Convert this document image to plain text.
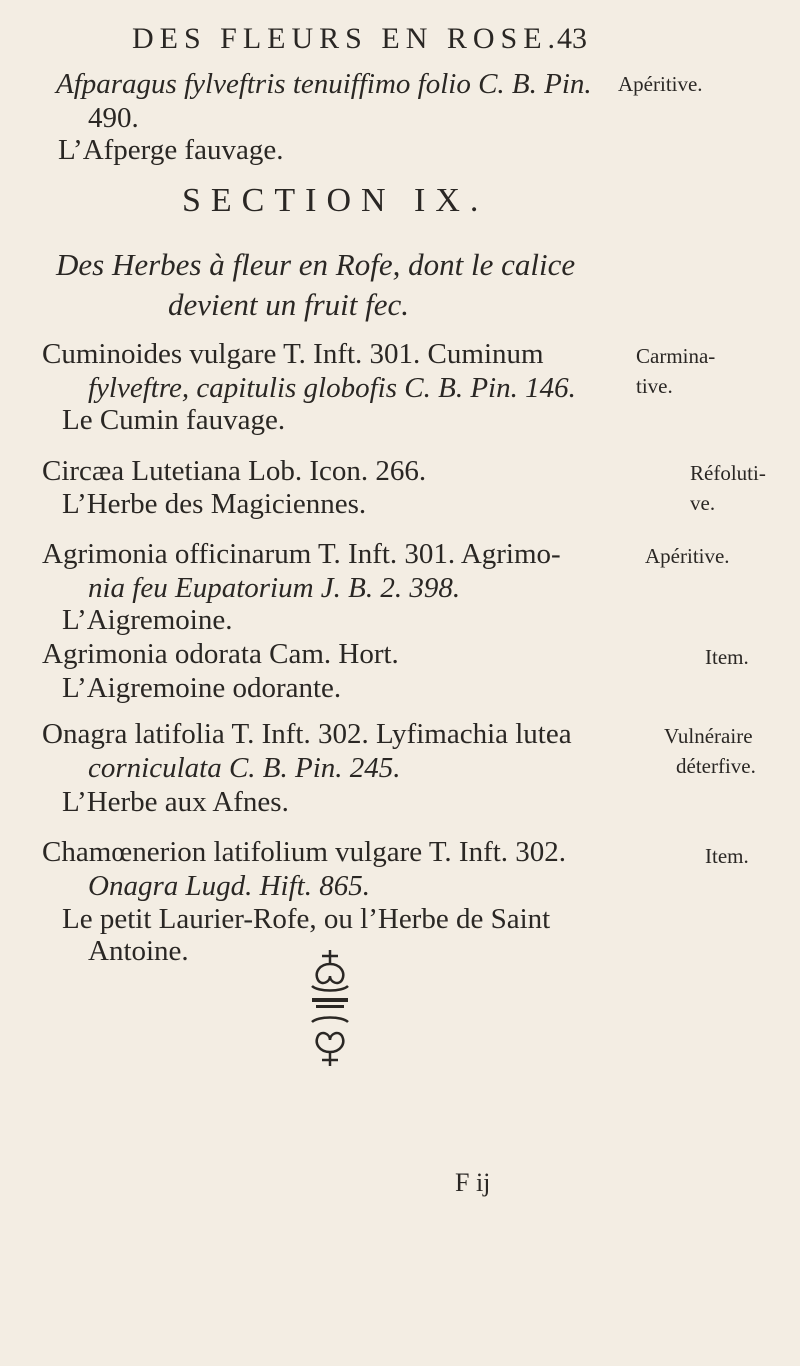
DES FLEURS EN ROSE.
43
Afparagus fylveftris tenuiffimo folio C. B. Pin.
490.
L’Afperge fauvage.
Apéritive.
SECTION IX.
Des Herbes à fleur en Rofe, dont le calice
devient un fruit fec.
Cuminoides vulgare T. Inft. 301. Cuminum
fylveftre, capitulis globofis C. B. Pin. 146.
Le Cumin fauvage.
Carmina-
tive.
Circæa Lutetiana Lob. Icon. 266.
L’Herbe des Magiciennes.
Réfoluti-
ve.
Agrimonia officinarum T. Inft. 301. Agrimo-
nia feu Eupatorium J. B. 2. 398.
L’Aigremoine.
Apéritive.
Agrimonia odorata Cam. Hort.
L’Aigremoine odorante.
Item.
Onagra latifolia T. Inft. 302. Lyfimachia lutea
corniculata C. B. Pin. 245.
L’Herbe aux Afnes.
Vulnéraire
déterfive.
Chamœnerion latifolium vulgare T. Inft. 302.
Onagra Lugd. Hift. 865.
Le petit Laurier-Rofe, ou l’Herbe de Saint
Antoine.
Item.
F ij
